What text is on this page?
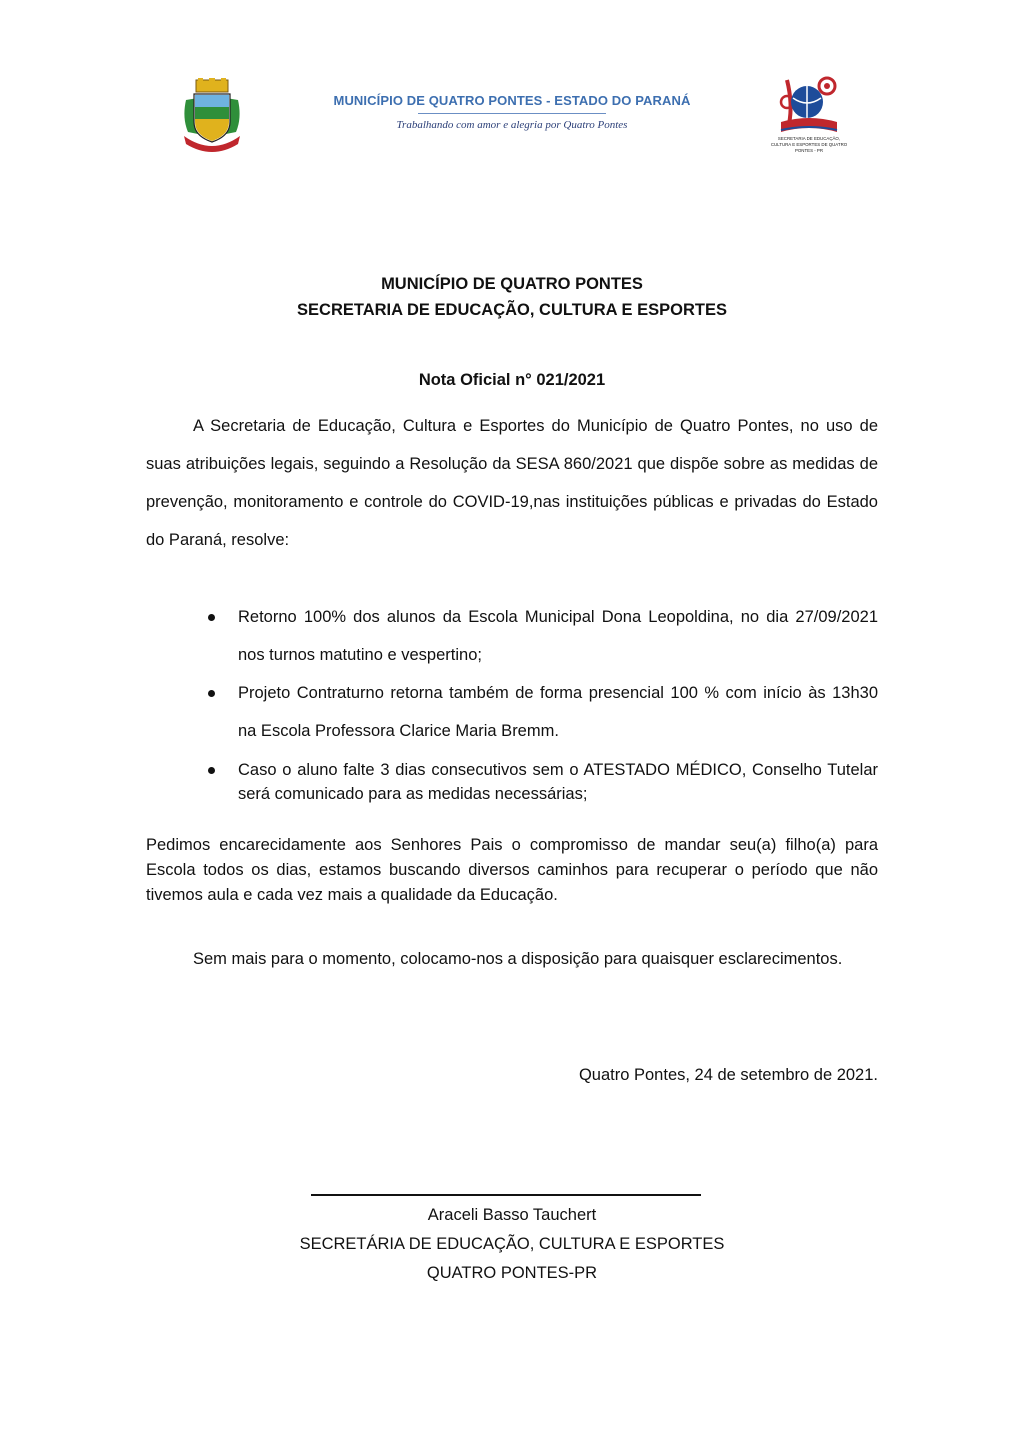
MUNICÍPIO DE QUATRO PONTES - ESTADO DO PARANÁ
Trabalhando com amor e alegria por Quatro Pontes
SECRETARIA DE EDUCAÇÃO, CULTURA E ESPORTES DE QUATRO PONTES - PR
MUNICÍPIO DE QUATRO PONTES
SECRETARIA DE EDUCAÇÃO, CULTURA E ESPORTES
Nota Oficial n° 021/2021
A Secretaria de Educação, Cultura e Esportes do Município de Quatro Pontes, no uso de suas atribuições legais, seguindo a Resolução da SESA 860/2021 que dispõe sobre as medidas de prevenção, monitoramento e controle do COVID-19,nas instituições públicas e privadas do Estado do Paraná, resolve:
Retorno 100% dos alunos da Escola Municipal Dona Leopoldina, no dia 27/09/2021 nos turnos matutino e vespertino;
Projeto Contraturno retorna também de forma presencial 100 % com início às 13h30 na Escola Professora Clarice Maria Bremm.
Caso o aluno falte 3 dias consecutivos sem o ATESTADO MÉDICO, Conselho Tutelar será comunicado para as medidas necessárias;
Pedimos encarecidamente aos Senhores Pais o compromisso de mandar seu(a) filho(a) para Escola todos os dias, estamos buscando diversos caminhos para recuperar o período que não tivemos aula e cada vez mais a qualidade da Educação.
Sem mais para o momento, colocamo-nos a disposição para quaisquer esclarecimentos.
Quatro Pontes, 24 de setembro de 2021.
Araceli Basso Tauchert
SECRETÁRIA DE EDUCAÇÃO, CULTURA E ESPORTES
QUATRO PONTES-PR
